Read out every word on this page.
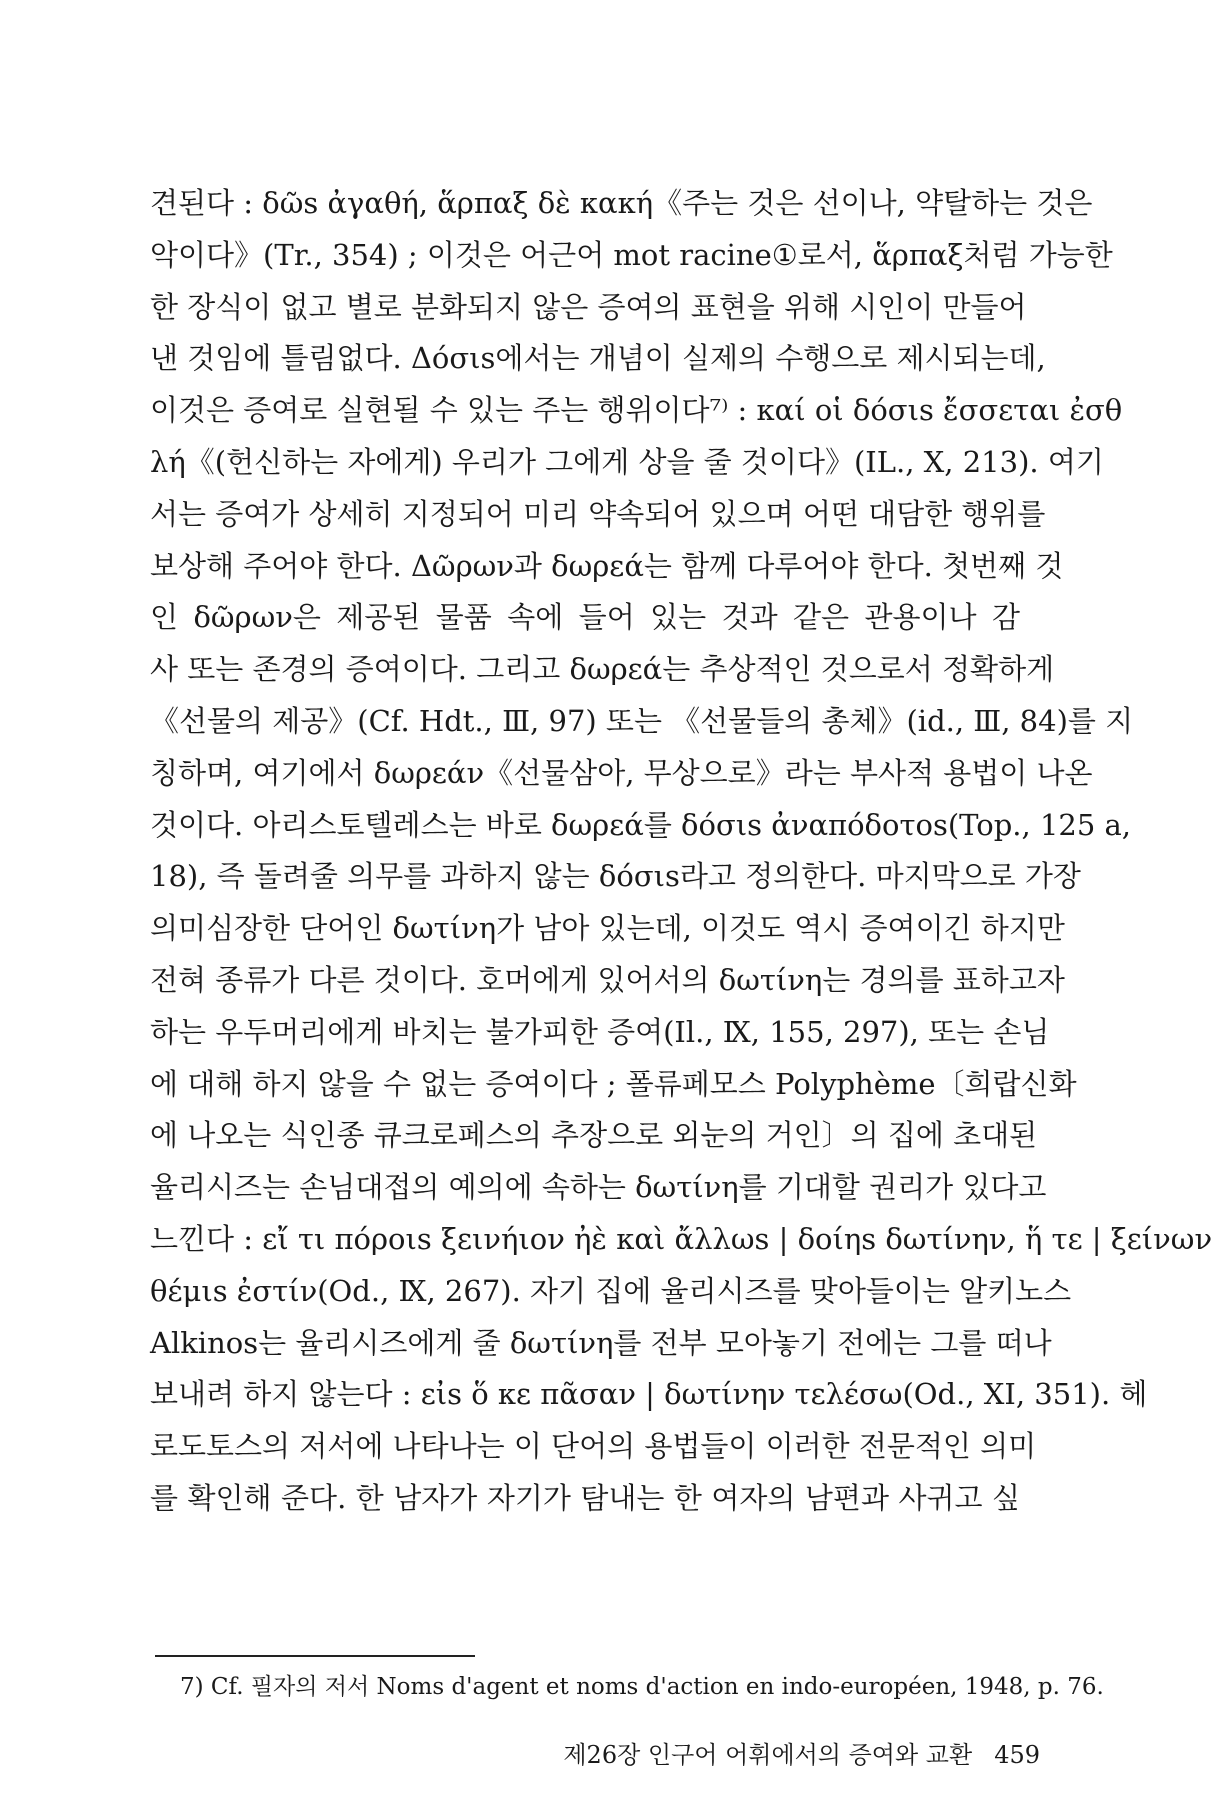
견된다 : δῶs ἀγαθή, ἅρπαξ δὲ κακή《주는 것은 선이나, 약탈하는 것은
악이다》(Tr., 354) ; 이것은 어근어 mot racine①로서, ἅρπαξ처럼 가능한
한 장식이 없고 별로 분화되지 않은 증여의 표현을 위해 시인이 만들어
낸 것임에 틀림없다. Δόσιs에서는 개념이 실제의 수행으로 제시되는데,
이것은 증여로 실현될 수 있는 주는 행위이다⁷⁾ : καί οἱ δόσιs ἔσσεται ἐσθ
λή《(헌신하는 자에게) 우리가 그에게 상을 줄 것이다》(IL., Ⅹ, 213). 여기
서는 증여가 상세히 지정되어 미리 약속되어 있으며 어떤 대담한 행위를
보상해 주어야 한다. Δῶρων과 δωρεά는 함께 다루어야 한다. 첫번째 것
인 δῶρων은 제공된 물품 속에 들어 있는 것과 같은 관용이나 감
사 또는 존경의 증여이다. 그리고 δωρεά는 추상적인 것으로서 정확하게
《선물의 제공》(Cf. Hdt., Ⅲ, 97) 또는 《선물들의 총체》(id., Ⅲ, 84)를 지
칭하며, 여기에서 δωρεάν《선물삼아, 무상으로》라는 부사적 용법이 나온
것이다. 아리스토텔레스는 바로 δωρεά를 δόσιs ἀναπόδοτοs(Top., 125 a,
18), 즉 돌려줄 의무를 과하지 않는 δόσιs라고 정의한다. 마지막으로 가장
의미심장한 단어인 δωτίνη가 남아 있는데, 이것도 역시 증여이긴 하지만
전혀 종류가 다른 것이다. 호머에게 있어서의 δωτίνη는 경의를 표하고자
하는 우두머리에게 바치는 불가피한 증여(Il., Ⅸ, 155, 297), 또는 손님
에 대해 하지 않을 수 없는 증여이다 ; 폴류페모스 Polyphème〔희랍신화
에 나오는 식인종 큐크로페스의 추장으로 외눈의 거인〕의 집에 초대된
율리시즈는 손님대접의 예의에 속하는 δωτίνη를 기대할 권리가 있다고
느낀다 : εἴ τι πόροιs ξεινήιον ἠὲ καὶ ἄλλωs | δοίηs δωτίνην, ἥ τε | ξείνων
θέμιs ἐστίν(Od., Ⅸ, 267). 자기 집에 율리시즈를 맞아들이는 알키노스
Alkinos는 율리시즈에게 줄 δωτίνη를 전부 모아놓기 전에는 그를 떠나
보내려 하지 않는다 : εἰs ὅ κε πᾶσαν | δωτίνην τελέσω(Od., ⅩI, 351). 헤
로도토스의 저서에 나타나는 이 단어의 용법들이 이러한 전문적인 의미
를 확인해 준다. 한 남자가 자기가 탐내는 한 여자의 남편과 사귀고 싶
7) Cf. 필자의 저서 Noms d'agent et noms d'action en indo-européen, 1948, p. 76.
제26장 인구어 어휘에서의 증여와 교환 459
